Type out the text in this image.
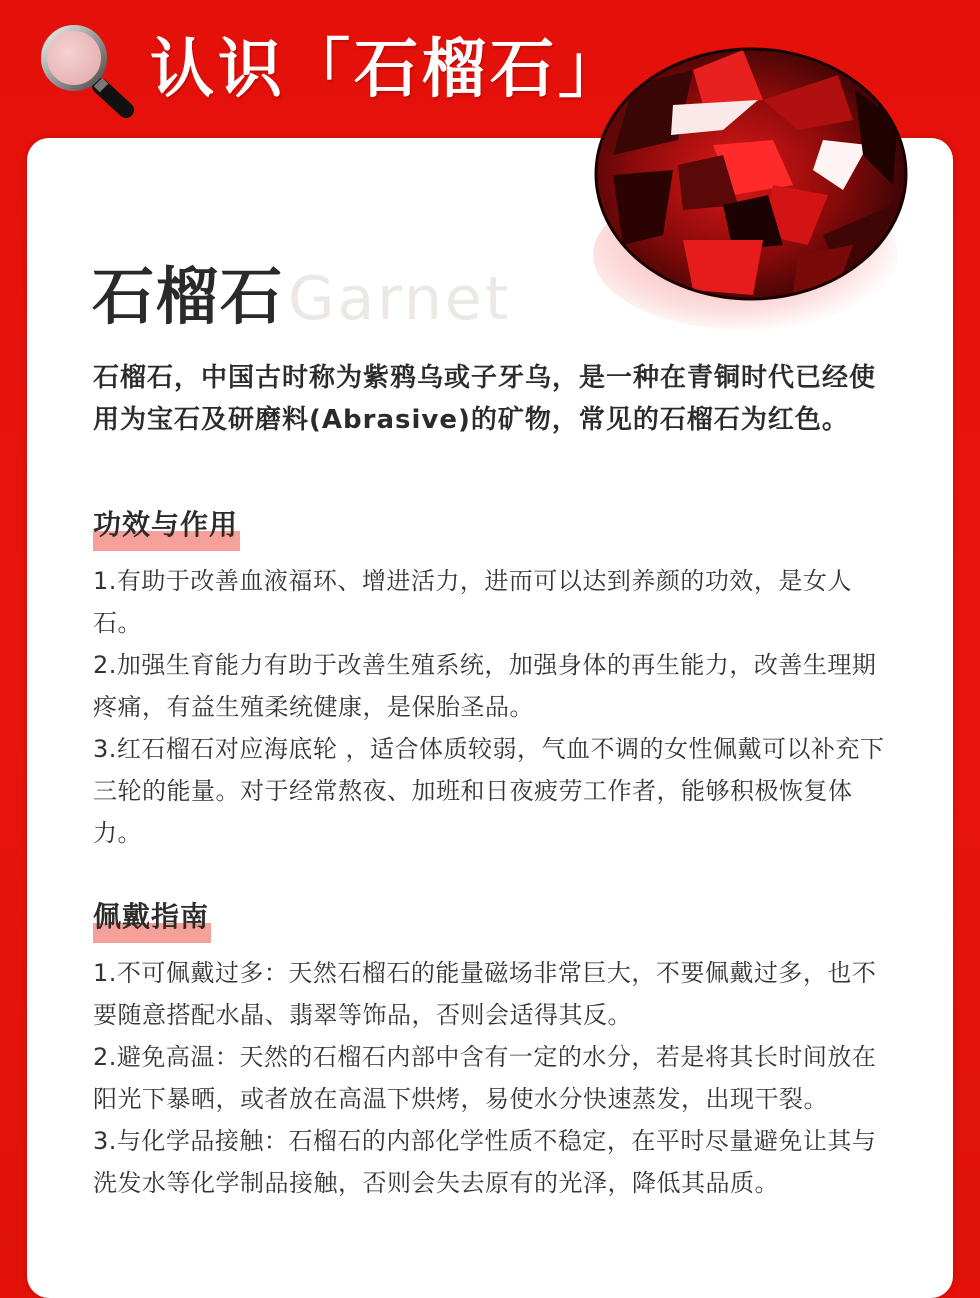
认识「石榴石」
石榴石 Garnet
石榴石，中国古时称为紫鸦乌或子牙乌，是一种在青铜时代已经使用为宝石及研磨料(Abrasive)的矿物，常见的石榴石为红色。
功效与作用

1.有助于改善血液福环、增进活力，进而可以达到养颜的功效，是女人石。

2.加强生育能力有助于改善生殖系统，加强身体的再生能力，改善生理期疼痛，有益生殖柔统健康，是保胎圣品。

3.红石榴石对应海底轮 ，适合体质较弱，气血不调的女性佩戴可以补充下三轮的能量。对于经常熬夜、加班和日夜疲劳工作者，能够积极恢复体力。

佩戴指南

1.不可佩戴过多：天然石榴石的能量磁场非常巨大，不要佩戴过多，也不要随意搭配水晶、翡翠等饰品，否则会适得其反。

2.避免高温：天然的石榴石内部中含有一定的水分，若是将其长时间放在阳光下暴晒，或者放在高温下烘烤，易使水分快速蒸发，出现干裂。

3.与化学品接触：石榴石的内部化学性质不稳定，在平时尽量避免让其与洗发水等化学制品接触，否则会失去原有的光泽，降低其品质。
